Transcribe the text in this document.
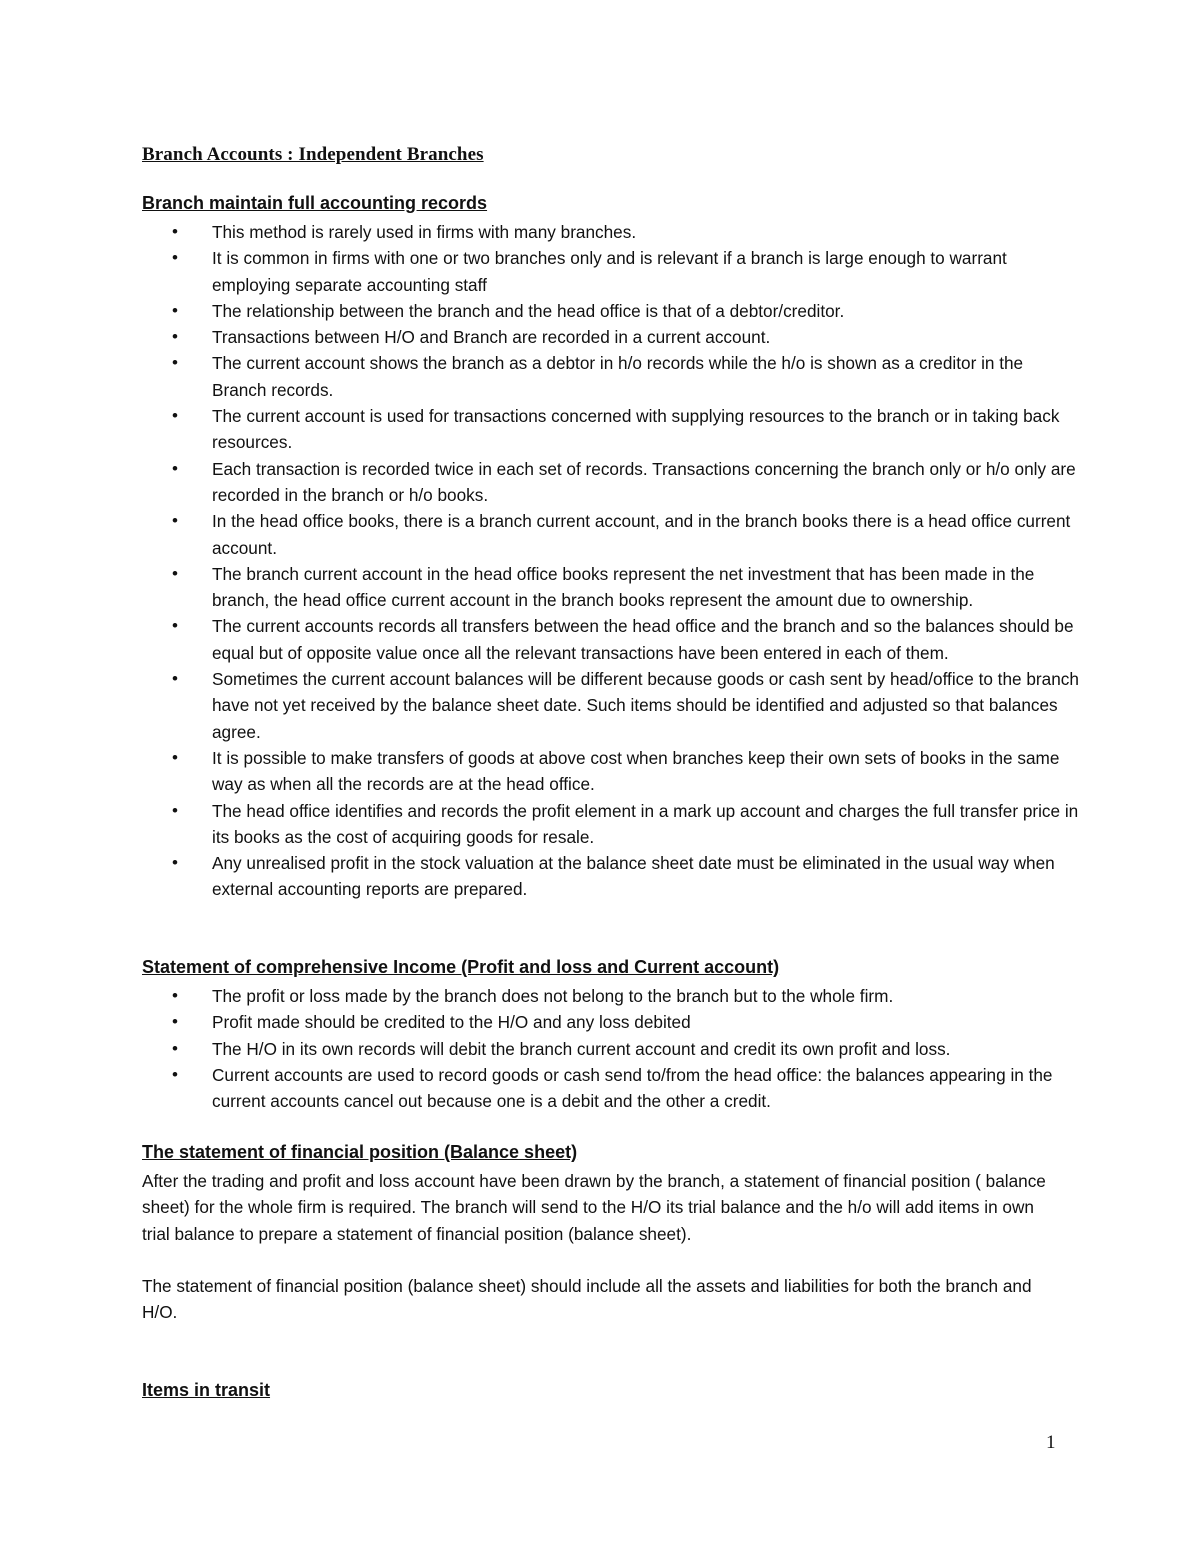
Branch Accounts : Independent Branches
Branch maintain full accounting records
• This method is rarely used in firms with many branches.
• It is common in firms with one or two branches only and is relevant if a branch is large enough to warrant employing separate accounting staff
• The relationship between the branch and the head office is that of a debtor/creditor.
• Transactions between H/O and Branch are recorded in a current account.
• The current account shows the branch as a debtor in h/o records while the h/o is shown as a creditor in the Branch records.
• The current account is used for transactions concerned with supplying resources to the branch or in taking back resources.
• Each transaction is recorded twice in each set of records. Transactions concerning the branch only or h/o only are recorded in the branch or h/o books.
• In the head office books, there is a branch current account, and in the branch books there is a head office current account.
• The branch current account in the head office books represent the net investment that has been made in the branch, the head office current account in the branch books represent the amount due to ownership.
• The current accounts records all transfers between the head office and the branch and so the balances should be equal but of opposite value once all the relevant transactions have been entered in each of them.
• Sometimes the current account balances will be different because goods or cash sent by head/office to the branch have not yet received by the balance sheet date. Such items should be identified and adjusted so that balances agree.
• It is possible to make transfers of goods at above cost when branches keep their own sets of books in the same way as when all the records are at the head office.
• The head office identifies and records the profit element in a mark up account and charges the full transfer price in its books as the cost of acquiring goods for resale.
• Any unrealised profit in the stock valuation at the balance sheet date must be eliminated in the usual way when external accounting reports are prepared.
Statement of comprehensive Income (Profit and loss and Current account)
• The profit or loss made by the branch does not belong to the branch but to the whole firm.
• Profit made should be credited to the H/O and any loss debited
• The H/O in its own records will debit the branch current account and credit its own profit and loss.
• Current accounts are used to record goods or cash send to/from the head office: the balances appearing in the current accounts cancel out because one is a debit and the other a credit.
The statement of financial position (Balance sheet)

After the trading and profit and loss account have been drawn by the branch, a statement of financial position ( balance sheet) for the whole firm is required. The branch will send to the H/O its trial balance and the h/o will add items in own trial balance to prepare a statement of financial position (balance sheet).

The statement of financial position (balance sheet) should include all the assets and liabilities for both the branch and H/O.

Items in transit
1
